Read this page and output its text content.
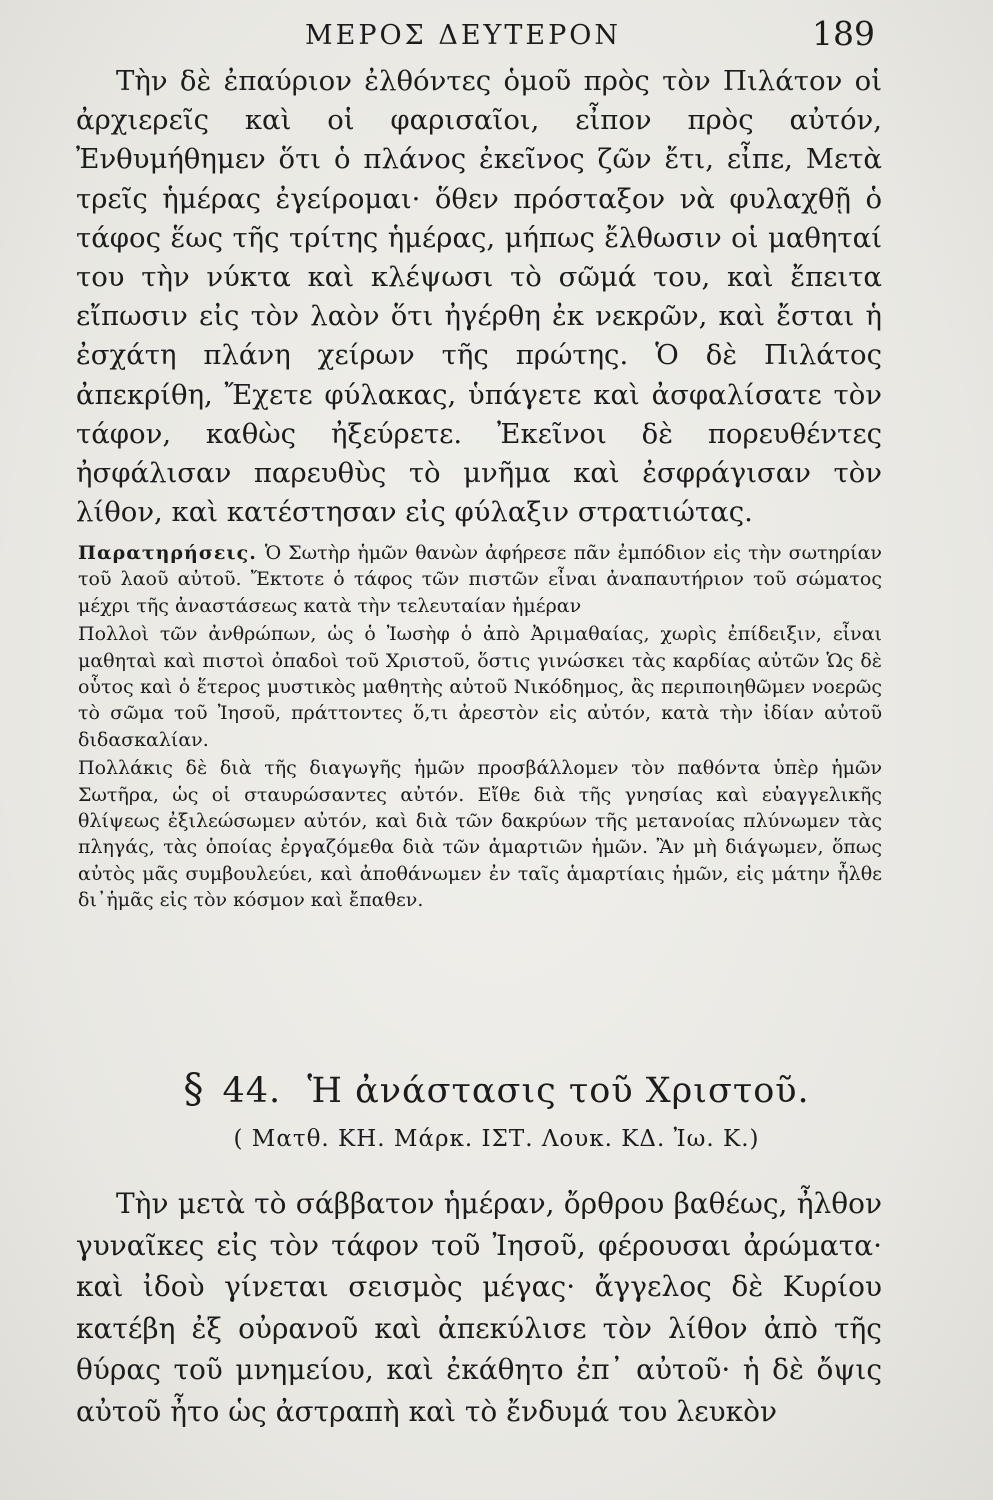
ΜΕΡΟΣ ΔΕΥΤΕΡΟΝ	189

Τὴν δὲ ἐπαύριον ἐλθόντες ὁμοῦ πρὸς τὸν Πιλάτον οἱ ἀρχιερεῖς καὶ οἱ φαρισαῖοι, εἶπον πρὸς αὐτόν, Ἐνθυμήθημεν ὅτι ὁ πλάνος ἐκεῖνος ζῶν ἔτι, εἶπε, Μετὰ τρεῖς ἡμέρας ἐγείρομαι· ὅθεν πρόσταξον νὰ φυλαχθῇ ὁ τάφος ἕως τῆς τρίτης ἡμέρας, μήπως ἔλθωσιν οἱ μαθηταί του τὴν νύκτα καὶ κλέψωσι τὸ σῶμά του, καὶ ἔπειτα εἴπωσιν εἰς τὸν λαὸν ὅτι ἠγέρθη ἐκ νεκρῶν, καὶ ἔσται ἡ ἐσχάτη πλάνη χείρων τῆς πρώτης. Ὁ δὲ Πιλάτος ἀπεκρίθη, Ἔχετε φύλακας, ὑπάγετε καὶ ἀσφαλίσατε τὸν τάφον, καθὼς ἠξεύρετε. Ἐκεῖνοι δὲ πορευθέντες ἠσφάλισαν παρευθὺς τὸ μνῆμα καὶ ἐσφράγισαν τὸν λίθον, καὶ κατέστησαν εἰς φύλαξιν στρατιώτας.

Παρατηρήσεις. Ὁ Σωτὴρ ἡμῶν θανὼν ἀφήρεσε πᾶν ἐμπόδιον εἰς τὴν σωτηρίαν τοῦ λαοῦ αὐτοῦ. Ἔκτοτε ὁ τάφος τῶν πιστῶν εἶναι ἀναπαυτήριον τοῦ σώματος μέχρι τῆς ἀναστάσεως κατὰ τὴν τελευταίαν ἡμέραν

Πολλοὶ τῶν ἀνθρώπων, ὡς ὁ Ἰωσὴφ ὁ ἀπὸ Ἀριμαθαίας, χωρὶς ἐπίδειξιν, εἶναι μαθηταὶ καὶ πιστοὶ ὀπαδοὶ τοῦ Χριστοῦ, ὅστις γινώσκει τὰς καρδίας αὐτῶν Ὡς δὲ οὗτος καὶ ὁ ἕτερος μυστικὸς μαθητὴς αὐτοῦ Νικόδημος, ἂς περιποιηθῶμεν νοερῶς τὸ σῶμα τοῦ Ἰησοῦ, πράττοντες ὅ,τι ἀρεστὸν εἰς αὐτόν, κατὰ τὴν ἰδίαν αὐτοῦ διδασκαλίαν.

Πολλάκις δὲ διὰ τῆς διαγωγῆς ἡμῶν προσβάλλομεν τὸν παθόντα ὑπὲρ ἡμῶν Σωτῆρα, ὡς οἱ σταυρώσαντες αὐτόν. Εἴθε διὰ τῆς γνησίας καὶ εὐαγγελικῆς θλίψεως ἐξιλεώσωμεν αὐτόν, καὶ διὰ τῶν δακρύων τῆς μετανοίας πλύνωμεν τὰς πληγάς, τὰς ὁποίας ἐργαζόμεθα διὰ τῶν ἁμαρτιῶν ἡμῶν. Ἂν μὴ διάγωμεν, ὅπως αὐτὸς μᾶς συμβουλεύει, καὶ ἀποθάνωμεν ἐν ταῖς ἁμαρτίαις ἡμῶν, εἰς μάτην ἦλθε δι᾽ἡμᾶς εἰς τὸν κόσμον καὶ ἔπαθεν.

§ 44. Ἡ ἀνάστασις τοῦ Χριστοῦ.
( Ματθ. ΚΗ. Μάρκ. ΙΣΤ. Λουκ. ΚΔ. Ἰω. Κ.)

Τὴν μετὰ τὸ σάββατον ἡμέραν, ὄρθρου βαθέως, ἦλθον γυναῖκες εἰς τὸν τάφον τοῦ Ἰησοῦ, φέρουσαι ἀρώματα· καὶ ἰδοὺ γίνεται σεισμὸς μέγας· ἄγγελος δὲ Κυρίου κατέβη ἐξ οὐρανοῦ καὶ ἀπεκύλισε τὸν λίθον ἀπὸ τῆς θύρας τοῦ μνημείου, καὶ ἐκάθητο ἐπ᾽ αὐτοῦ· ἡ δὲ ὄψις αὐτοῦ ἦτο ὡς ἀστραπὴ καὶ τὸ ἔνδυμά του λευκὸν
